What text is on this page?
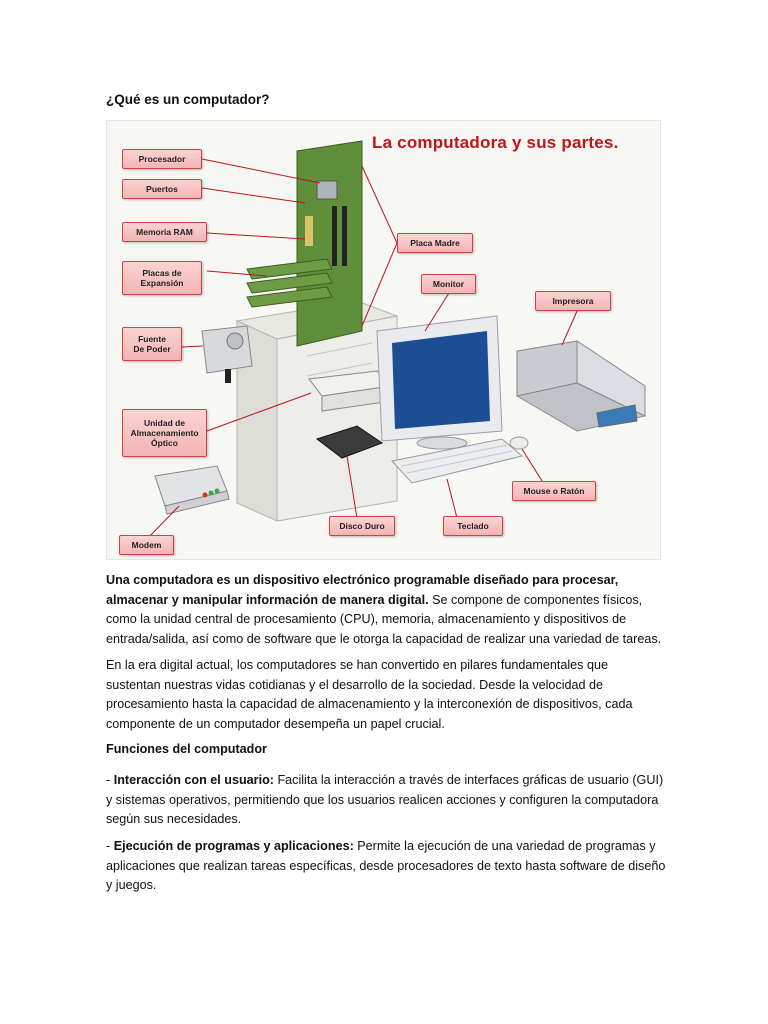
¿Qué es un computador?
La computadora y sus partes.
Procesador
Puertos
Memoria RAM
Placas de
Expansión
Fuente
De Poder
Unidad de
Almacenamiento
Óptico
Modem
Disco Duro	Teclado
Mouse o Ratón
Impresora
Monitor
Placa Madre
Una computadora es un dispositivo electrónico programable diseñado para procesar, almacenar y manipular información de manera digital. Se compone de componentes físicos, como la unidad central de procesamiento (CPU), memoria, almacenamiento y dispositivos de entrada/salida, así como de software que le otorga la capacidad de realizar una variedad de tareas.
En la era digital actual, los computadores se han convertido en pilares fundamentales que sustentan nuestras vidas cotidianas y el desarrollo de la sociedad. Desde la velocidad de procesamiento hasta la capacidad de almacenamiento y la interconexión de dispositivos, cada componente de un computador desempeña un papel crucial.
Funciones del computador
- Interacción con el usuario: Facilita la interacción a través de interfaces gráficas de usuario (GUI) y sistemas operativos, permitiendo que los usuarios realicen acciones y configuren la computadora según sus necesidades.
- Ejecución de programas y aplicaciones: Permite la ejecución de una variedad de programas y aplicaciones que realizan tareas específicas, desde procesadores de texto hasta software de diseño y juegos.
